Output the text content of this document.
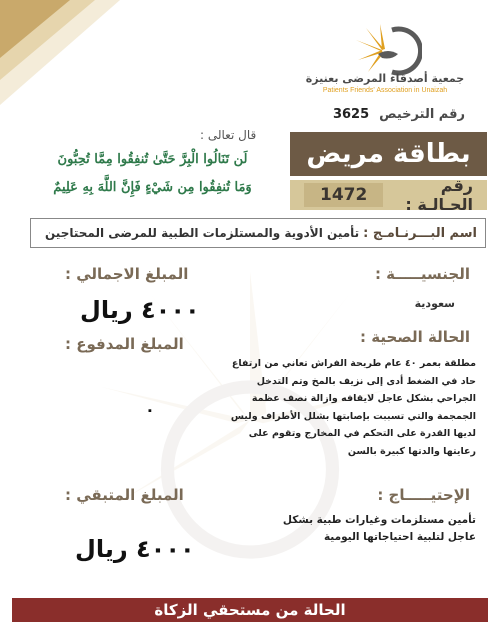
جمعية أصدقاء المرضى بعنيزة
Patients Friends' Association in Unaizah
رقم الترخيص3625
قال تعالى :
لَن تَنَالُوا الْبِرَّ حَتَّىٰ تُنفِقُوا مِمَّا تُحِبُّونَ
وَمَا تُنفِقُوا مِن شَيْءٍ فَإِنَّ اللَّهَ بِهِ عَلِيمٌ
بطاقة مريض
رقم الحـالـة :
1472
اسم البـــرنـامـج :
تأمين الأدوية والمستلزمات الطبية للمرضى المحتاجين
الجنسيـــــة :
سعودية
الحالة الصحية :
مطلقة بعمر ٤٠ عام طريحة الفراش تعاني من ارتفاع حاد في الضغط أدى إلى نزيف بالمخ وتم التدخل الجراحي بشكل عاجل لايقافه وازالة نصف عظمة الجمجمة والتي تسببت بإصابتها بشلل الأطراف وليس لديها القدرة على التحكم في المخارج وتقوم على رعايتها والدتها كبيرة بالسن
الإحتيـــــاج :
تأمين مستلزمات وغيارات طبية بشكل عاجل لتلبية احتياجاتها اليومية
المبلغ الاجمالي :
٤٠٠٠ ريال
المبلغ المدفوع :
٠
المبلغ المتبقي :
٤٠٠٠ ريال
الحالة من مستحقي الزكاة
